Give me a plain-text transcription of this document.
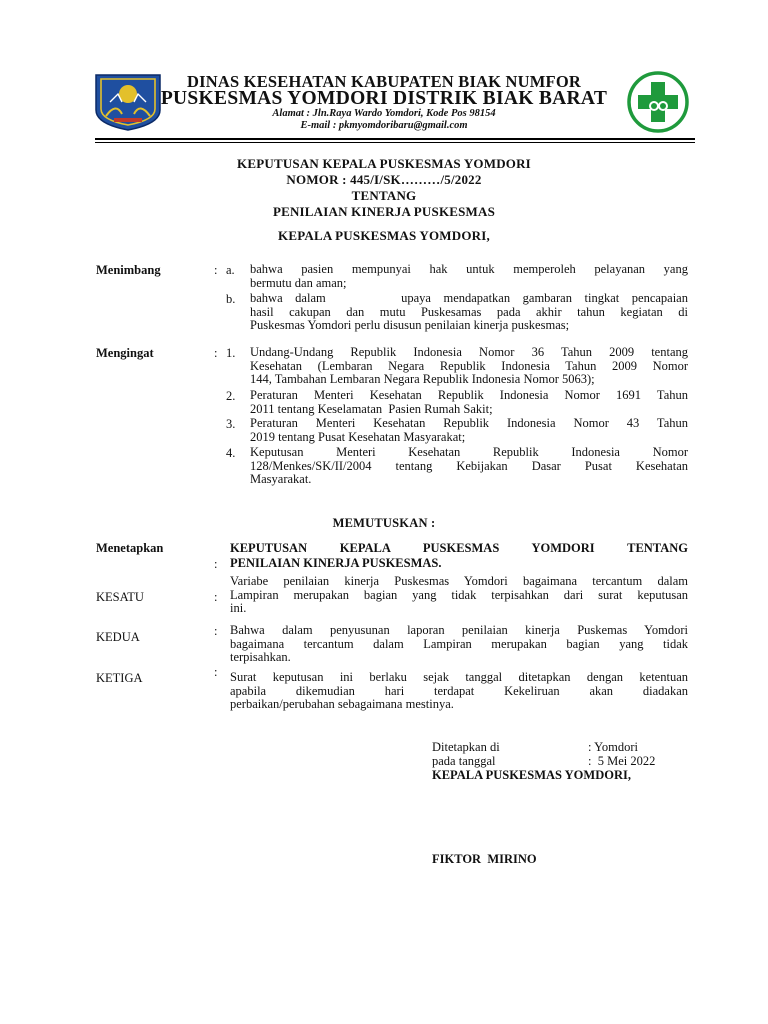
DINAS KESEHATAN KABUPATEN BIAK NUMFOR
PUSKESMAS YOMDORI DISTRIK BIAK BARAT
Alamat : Jln.Raya Wardo Yomdori, Kode Pos 98154
E-mail : pkmyomdoribaru@gmail.com
KEPUTUSAN KEPALA PUSKESMAS YOMDORI
NOMOR : 445/I/SK………/5/2022
TENTANG
PENILAIAN KINERJA PUSKESMAS
KEPALA PUSKESMAS YOMDORI,
Menimbang	: a. bahwa pasien mempunyai hak untuk memperoleh pelayanan yang
bermutu dan aman;
b. bahwa dalam      upaya mendapatkan gambaran tingkat pencapaian
hasil cakupan dan mutu Puskesamas pada akhir tahun kegiatan di
Puskesmas Yomdori perlu disusun penilaian kinerja puskesmas;
Mengingat	: 1. Undang-Undang Republik Indonesia Nomor 36 Tahun 2009 tentang
Kesehatan (Lembaran Negara Republik Indonesia Tahun 2009 Nomor
144, Tambahan Lembaran Negara Republik Indonesia Nomor 5063);
2. Peraturan Menteri Kesehatan Republik Indonesia Nomor 1691 Tahun
2011 tentang Keselamatan  Pasien Rumah Sakit;
3. Peraturan Menteri Kesehatan Republik Indonesia Nomor 43 Tahun
2019 tentang Pusat Kesehatan Masyarakat;
4. Keputusan Menteri Kesehatan Republik Indonesia Nomor
128/Menkes/SK/II/2004 tentang Kebijakan Dasar Pusat Kesehatan
Masyarakat.
MEMUTUSKAN :
Menetapkan
:
KEPUTUSAN KEPALA PUSKESMAS YOMDORI TENTANG
PENILAIAN KINERJA PUSKESMAS.
KESATU	:
Variabe penilaian kinerja Puskesmas Yomdori bagaimana tercantum dalam
Lampiran merupakan bagian yang tidak terpisahkan dari surat keputusan
ini.
KEDUA	: Bahwa dalam penyusunan laporan penilaian kinerja Puskemas Yomdori
bagaimana tercantum dalam Lampiran merupakan bagian yang tidak
terpisahkan.
KETIGA	: Surat keputusan ini berlaku sejak tanggal ditetapkan dengan ketentuan
apabila dikemudian hari terdapat Kekeliruan akan diadakan
perbaikan/perubahan sebagaimana mestinya.
Ditetapkan di	: Yomdori
pada tanggal	:  5 Mei 2022
KEPALA PUSKESMAS YOMDORI,
FIKTOR  MIRINO
